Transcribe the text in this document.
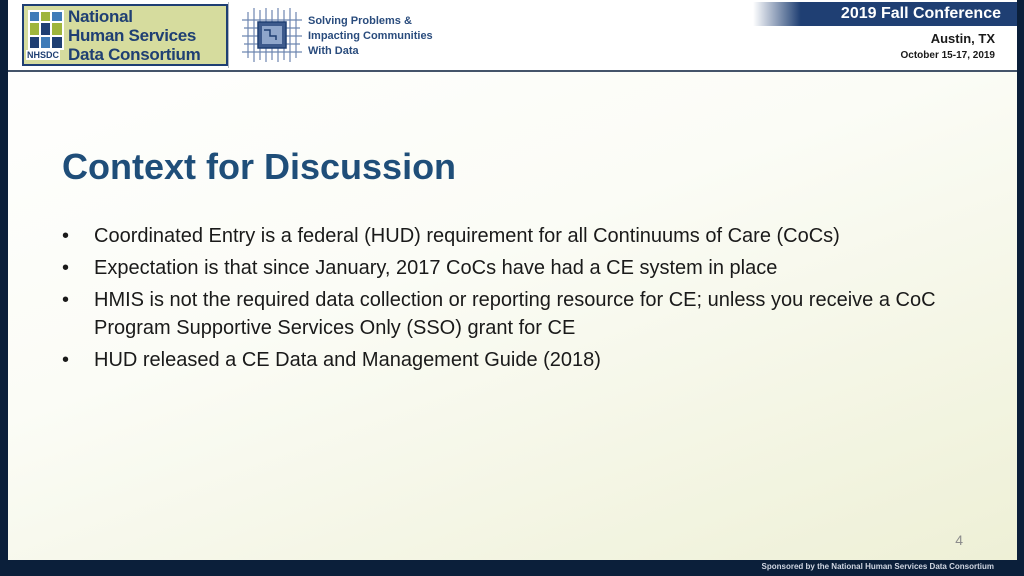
NHSDC
National
Human Services
Data Consortium
Solving Problems &
Impacting Communities
With Data
2019 Fall Conference
Austin, TX
October 15-17, 2019
Context for Discussion
• Coordinated Entry is a federal (HUD) requirement for all Continuums of Care (CoCs)
• Expectation is that since January, 2017 CoCs have had a CE system in place
• HMIS is not the required data collection or reporting resource for CE; unless you receive a CoC Program Supportive Services Only (SSO) grant for CE
• HUD released a CE Data and Management Guide (2018)
4
Sponsored by the National Human Services Data Consortium
